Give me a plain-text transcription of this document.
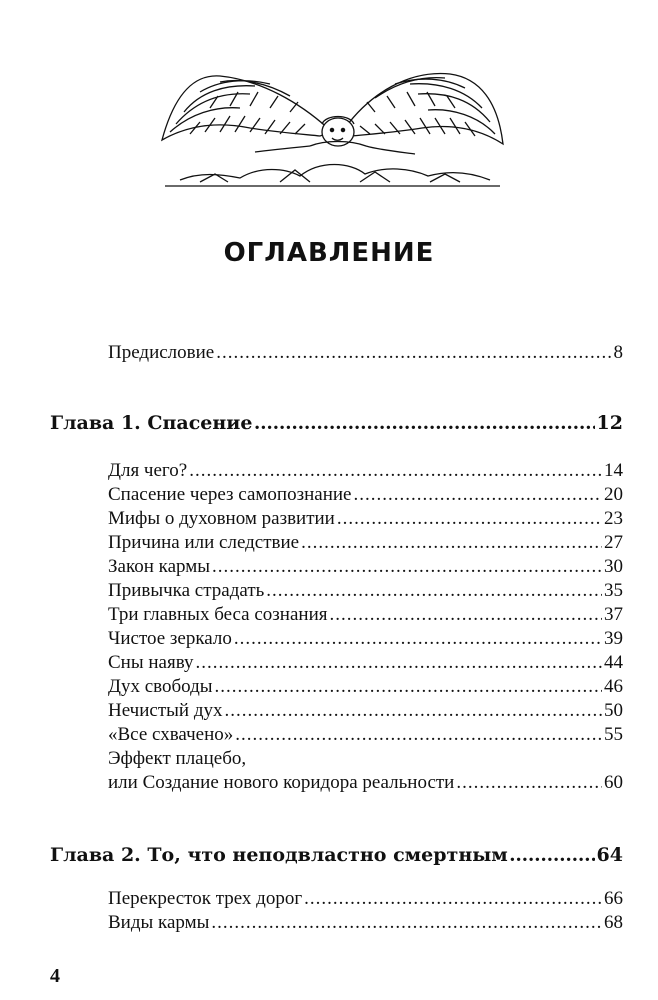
ОГЛАВЛЕНИЕ
Предисловие .....	8
Глава 1. Спасение .....	12
Для чего? .....	14
Спасение через самопознание .....	20
Мифы о духовном развитии .....	23
Причина или следствие .....	27
Закон кармы .....	30
Привычка страдать .....	35
Три главных беса сознания .....	37
Чистое зеркало .....	39
Сны наяву .....	44
Дух свободы .....	46
Нечистый дух .....	50
«Все схвачено» .....	55
Эффект плацебо,
или Создание нового коридора реальности .....	60
Глава 2. То, что неподвластно смертным .....	64
Перекресток трех дорог .....	66
Виды кармы .....	68
4
